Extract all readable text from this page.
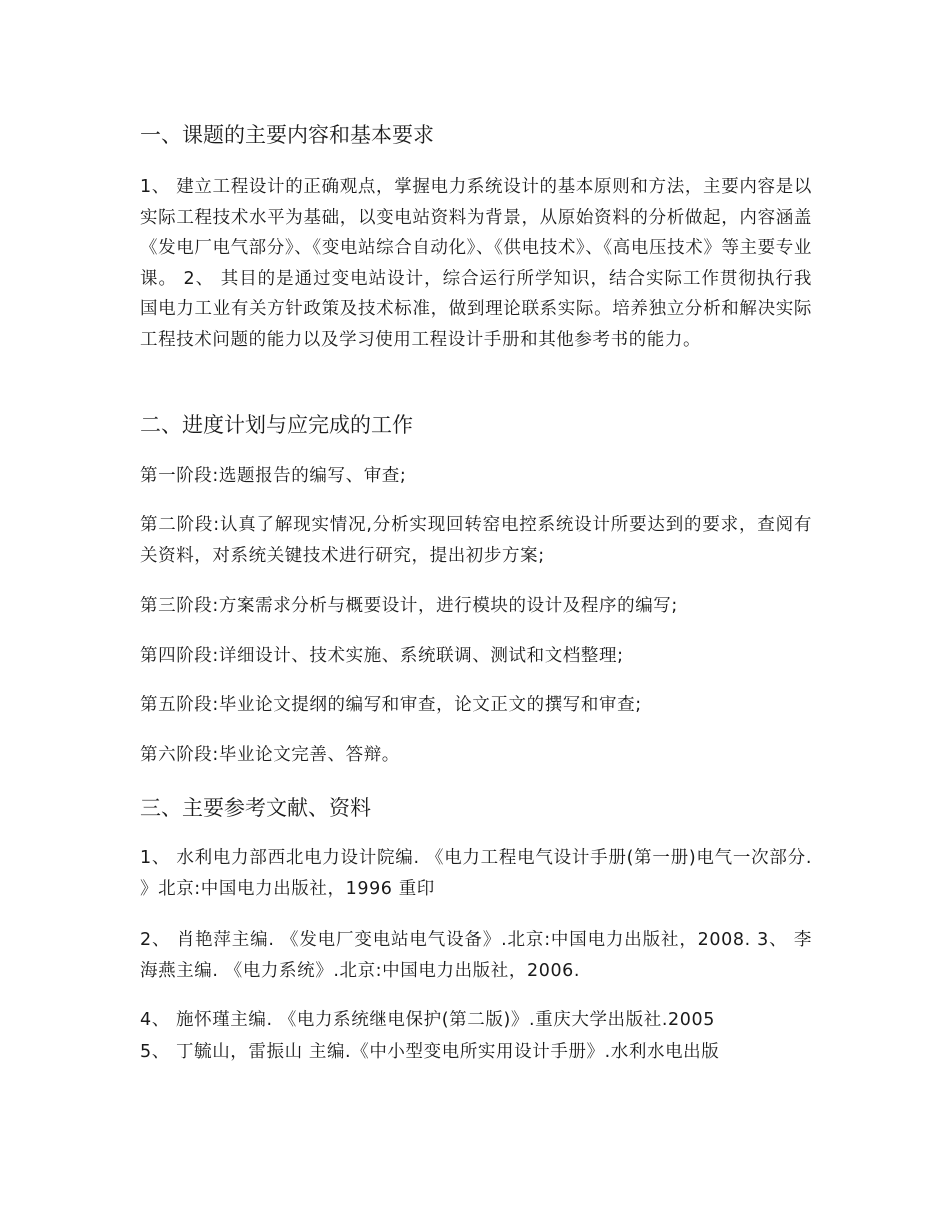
一、课题的主要内容和基本要求
1、 建立工程设计的正确观点，掌握电力系统设计的基本原则和方法，主要内容是以实际工程技术水平为基础，以变电站资料为背景，从原始资料的分析做起，内容涵盖《发电厂电气部分》、《变电站综合自动化》、《供电技术》、《高电压技术》等主要专业课。 2、 其目的是通过变电站设计，综合运行所学知识，结合实际工作贯彻执行我国电力工业有关方针政策及技术标准，做到理论联系实际。培养独立分析和解决实际工程技术问题的能力以及学习使用工程设计手册和其他参考书的能力。
二、进度计划与应完成的工作
第一阶段:选题报告的编写、审查;
第二阶段:认真了解现实情况,分析实现回转窑电控系统设计所要达到的要求，查阅有关资料，对系统关键技术进行研究，提出初步方案;
第三阶段:方案需求分析与概要设计，进行模块的设计及程序的编写;
第四阶段:详细设计、技术实施、系统联调、测试和文档整理;
第五阶段:毕业论文提纲的编写和审查，论文正文的撰写和审查;
第六阶段:毕业论文完善、答辩。
三、主要参考文献、资料
1、 水利电力部西北电力设计院编. 《电力工程电气设计手册(第一册)电气一次部分. 》北京:中国电力出版社，1996 重印
2、 肖艳萍主编. 《发电厂变电站电气设备》.北京:中国电力出版社，2008. 3、 李海燕主编. 《电力系统》.北京:中国电力出版社，2006.
4、 施怀瑾主编. 《电力系统继电保护(第二版)》.重庆大学出版社.2005
5、 丁毓山，雷振山 主编.《中小型变电所实用设计手册》.水利水电出版
